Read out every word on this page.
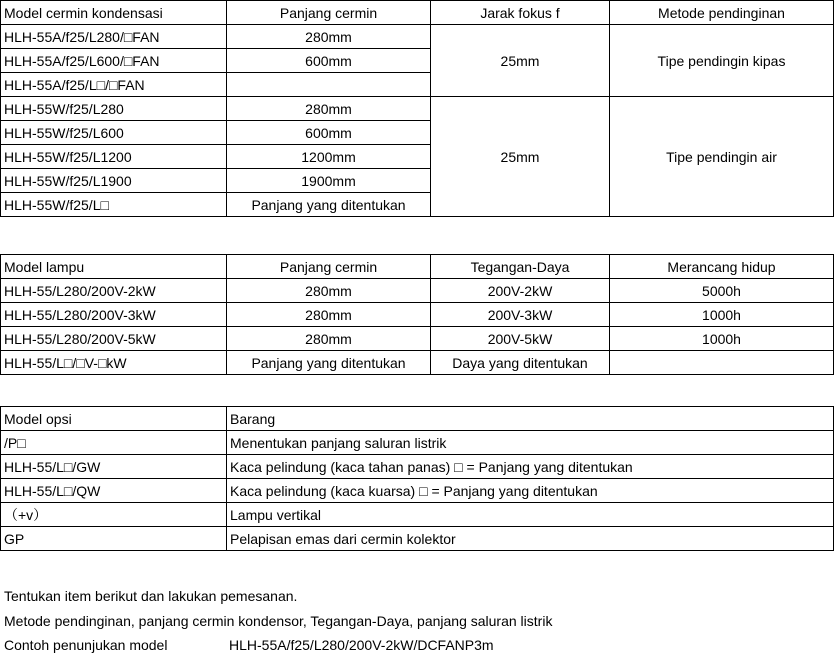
Model cermin kondensasi	Panjang cermin	Jarak fokus f	Metode pendinginan
HLH-55A/f25/L280/□FAN	280mm	25mm	Tipe pendingin kipas
HLH-55A/f25/L600/□FAN	600mm		
HLH-55A/f25/L□/□FAN			
HLH-55W/f25/L280	280mm	25mm	Tipe pendingin air
HLH-55W/f25/L600	600mm		
HLH-55W/f25/L1200	1200mm		
HLH-55W/f25/L1900	1900mm		
HLH-55W/f25/L□	Panjang yang ditentukan		
Model lampu	Panjang cermin	Tegangan-Daya	Merancang hidup
HLH-55/L280/200V-2kW	280mm	200V-2kW	5000h
HLH-55/L280/200V-3kW	280mm	200V-3kW	1000h
HLH-55/L280/200V-5kW	280mm	200V-5kW	1000h
HLH-55/L□/□V-□kW	Panjang yang ditentukan	Daya yang ditentukan	
Model opsi	Barang
/P□	Menentukan panjang saluran listrik
HLH-55/L□/GW	Kaca pelindung (kaca tahan panas) □ = Panjang yang ditentukan
HLH-55/L□/QW	Kaca pelindung (kaca kuarsa) □ = Panjang yang ditentukan
（+v）	Lampu vertikal
GP	Pelapisan emas dari cermin kolektor
Tentukan item berikut dan lakukan pemesanan.
Metode pendinginan, panjang cermin kondensor, Tegangan-Daya, panjang saluran listrik
Contoh penunjukan model	HLH-55A/f25/L280/200V-2kW/DCFANP3m
